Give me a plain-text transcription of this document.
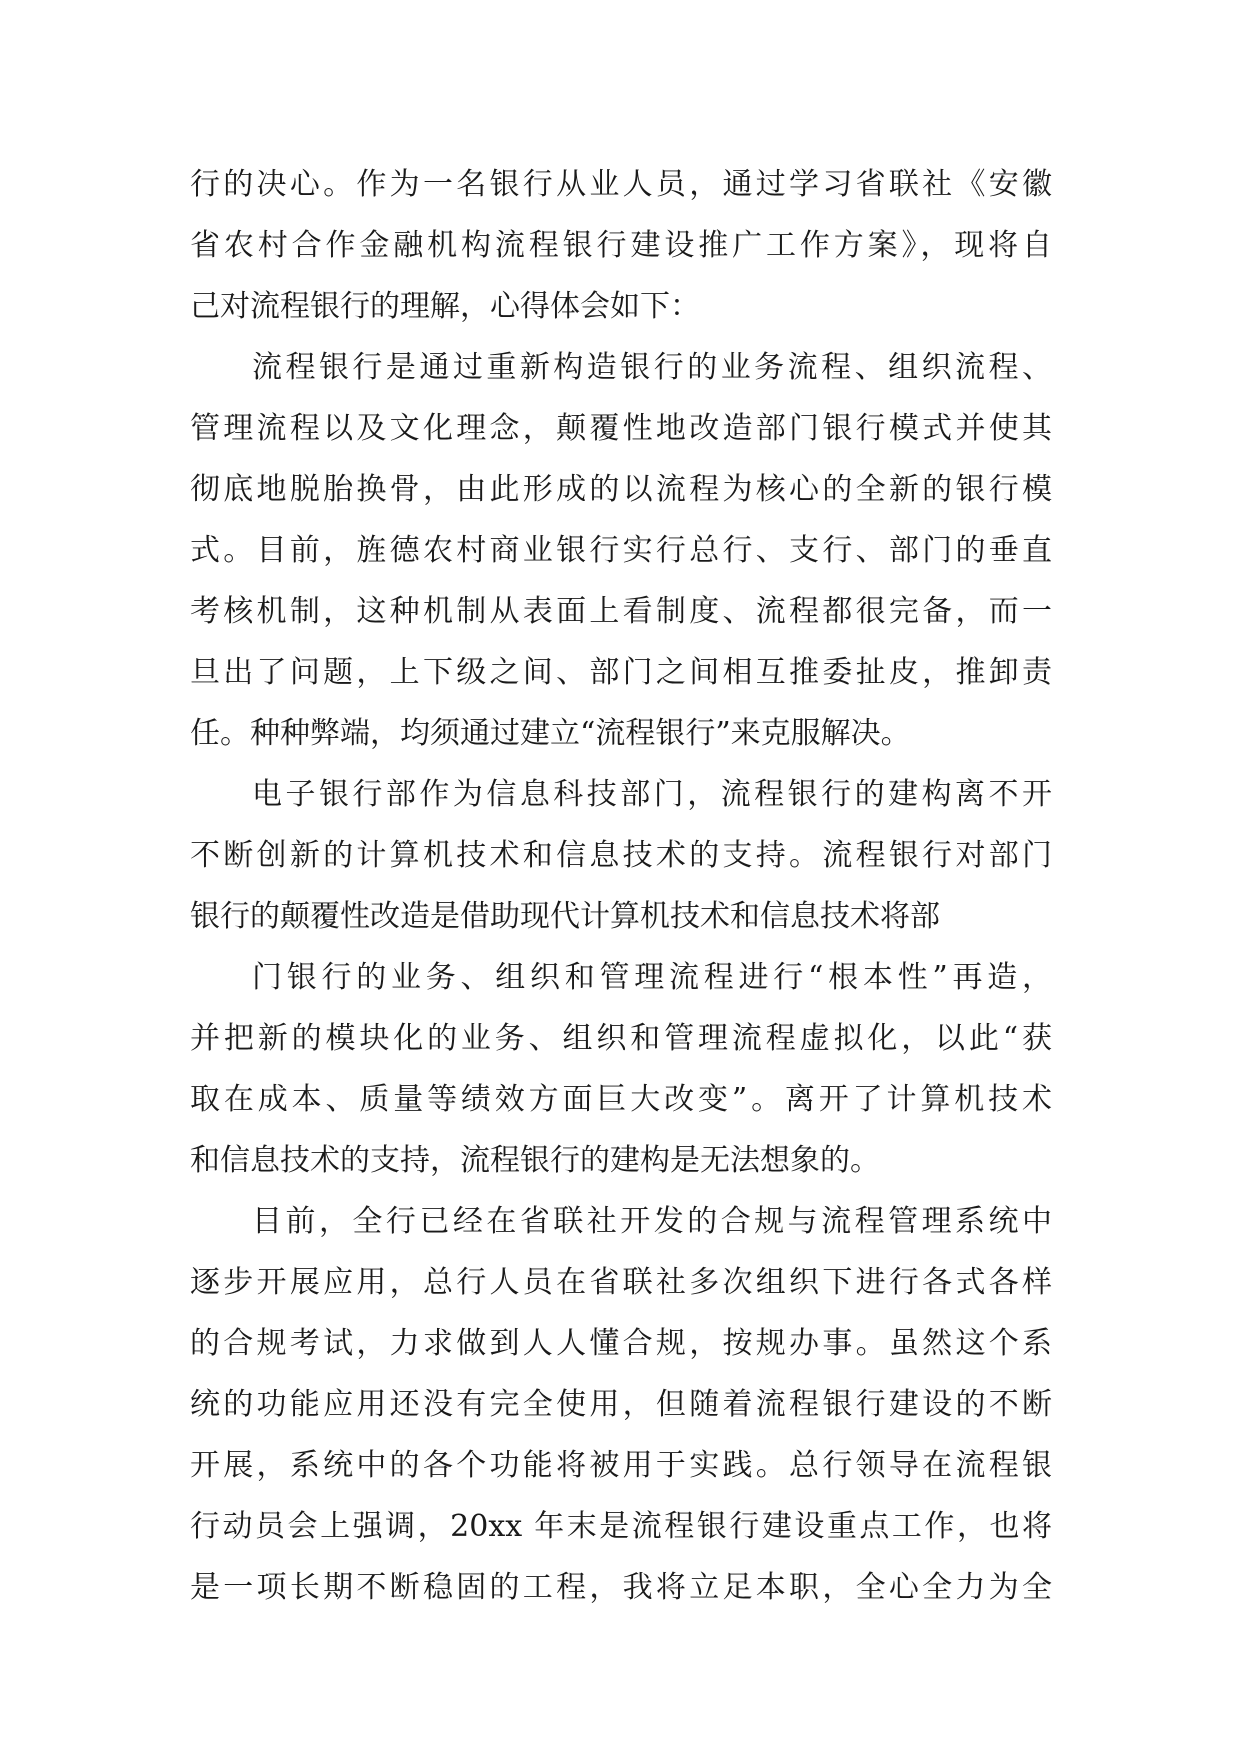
行的决心。作为一名银行从业人员，通过学习省联社《安徽
省农村合作金融机构流程银行建设推广工作方案》，现将自
己对流程银行的理解，心得体会如下：
流程银行是通过重新构造银行的业务流程、组织流程、
管理流程以及文化理念，颠覆性地改造部门银行模式并使其
彻底地脱胎换骨，由此形成的以流程为核心的全新的银行模
式。目前，旌德农村商业银行实行总行、支行、部门的垂直
考核机制，这种机制从表面上看制度、流程都很完备，而一
旦出了问题，上下级之间、部门之间相互推委扯皮，推卸责
任。种种弊端，均须通过建立“流程银行”来克服解决。
电子银行部作为信息科技部门，流程银行的建构离不开
不断创新的计算机技术和信息技术的支持。流程银行对部门
银行的颠覆性改造是借助现代计算机技术和信息技术将部
门银行的业务、组织和管理流程进行“根本性”再造，
并把新的模块化的业务、组织和管理流程虚拟化，以此“获
取在成本、质量等绩效方面巨大改变”。离开了计算机技术
和信息技术的支持，流程银行的建构是无法想象的。
目前，全行已经在省联社开发的合规与流程管理系统中
逐步开展应用，总行人员在省联社多次组织下进行各式各样
的合规考试，力求做到人人懂合规，按规办事。虽然这个系
统的功能应用还没有完全使用，但随着流程银行建设的不断
开展，系统中的各个功能将被用于实践。总行领导在流程银
行动员会上强调，20xx 年末是流程银行建设重点工作，也将
是一项长期不断稳固的工程，我将立足本职，全心全力为全
